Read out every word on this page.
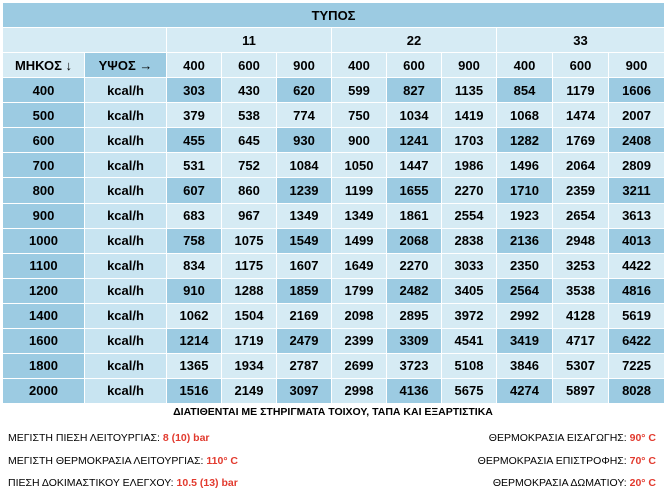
ΤΥΠΟΣ										
		11			22			33		
ΜΗΚΟΣ ↓	ΥΨΟΣ →	400	600	900	400	600	900	400	600	900
400	kcal/h	303	430	620	599	827	1135	854	1179	1606
500	kcal/h	379	538	774	750	1034	1419	1068	1474	2007
600	kcal/h	455	645	930	900	1241	1703	1282	1769	2408
700	kcal/h	531	752	1084	1050	1447	1986	1496	2064	2809
800	kcal/h	607	860	1239	1199	1655	2270	1710	2359	3211
900	kcal/h	683	967	1349	1349	1861	2554	1923	2654	3613
1000	kcal/h	758	1075	1549	1499	2068	2838	2136	2948	4013
1100	kcal/h	834	1175	1607	1649	2270	3033	2350	3253	4422
1200	kcal/h	910	1288	1859	1799	2482	3405	2564	3538	4816
1400	kcal/h	1062	1504	2169	2098	2895	3972	2992	4128	5619
1600	kcal/h	1214	1719	2479	2399	3309	4541	3419	4717	6422
1800	kcal/h	1365	1934	2787	2699	3723	5108	3846	5307	7225
2000	kcal/h	1516	2149	3097	2998	4136	5675	4274	5897	8028
ΔΙΑΤΙΘΕΝΤΑΙ ΜΕ ΣΤΗΡΙΓΜΑΤΑ ΤΟΙΧΟΥ, ΤΑΠΑ ΚΑΙ ΕΞΑΡΤΙΣΤΙΚΑ
ΜΕΓΙΣΤΗ ΠΙΕΣΗ ΛΕΙΤΟΥΡΓΙΑΣ: 8 (10) bar
ΜΕΓΙΣΤΗ ΘΕΡΜΟΚΡΑΣΙΑ ΛΕΙΤΟΥΡΓΙΑΣ: 110° C
ΠΙΕΣΗ ΔΟΚΙΜΑΣΤΙΚΟΥ ΕΛΕΓΧΟΥ: 10.5 (13) bar
ΘΕΡΜΟΚΡΑΣΙΑ ΕΙΣΑΓΩΓΗΣ: 90° C
ΘΕΡΜΟΚΡΑΣΙΑ ΕΠΙΣΤΡΟΦΗΣ: 70° C
ΘΕΡΜΟΚΡΑΣΙΑ ΔΩΜΑΤΙΟΥ: 20° C
